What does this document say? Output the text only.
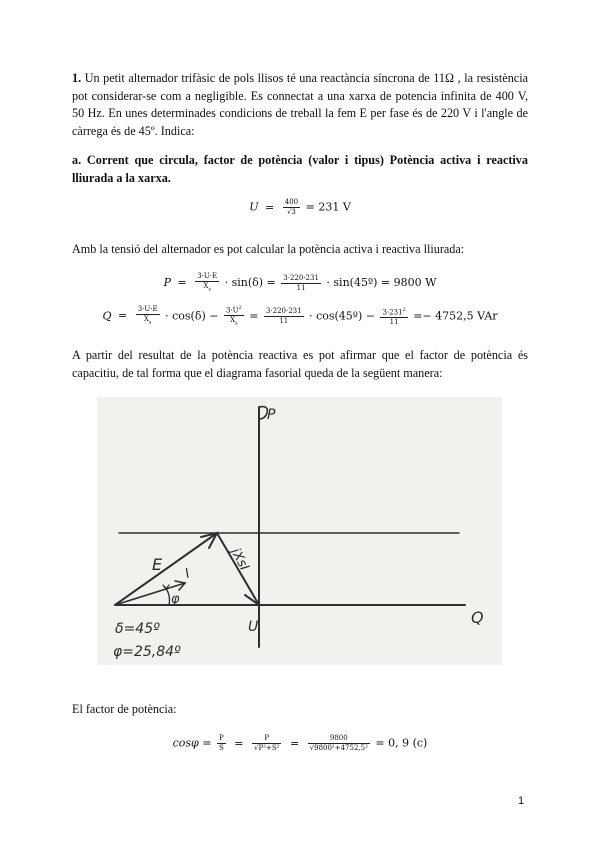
1. Un petit alternador trifàsic de pols llisos té una reactància síncrona de 11Ω , la resistència pot considerar-se com a negligible. Es connectat a una xarxa de potencia infinita de 400 V, 50 Hz. En unes determinades condicions de treball la fem E per fase és de 220 V i l'angle de càrrega és de 45º. Indica:
a. Corrent que circula, factor de potència (valor i tipus) Potència activa i reactiva lliurada a la xarxa.
$U = \frac{400}{√3} = 231$ V
Amb la tensió del alternador es pot calcular la potència activa i reactiva lliurada:
$P = \frac{3\cdot U\cdot E}{X_s} \cdot \sin(\delta) = \frac{3\cdot 220\cdot 231}{11}$ · sin(45º) = 9800 W
$Q = \frac{3\cdot U\cdot E}{X_s} \cdot \cos(\delta) - \frac{3\cdot U^2}{X_s} = \frac{3\cdot 220\cdot 231}{11}$ · cos(45º) − $\frac{3\cdot 231^2}{11} =- 4752,5$ VAr
A partir del resultat de la potència reactiva es pot afirmar que el factor de potència és capacitiu, de tal forma que el diagrama fasorial queda de la següent manera:
P
Q
E
I
jXsI
φ
U
δ=45º
φ=25,84º
El factor de potència:
$\cos\varphi = \frac{P}{S} = \frac{P}{\text{√P²+S²}} = \frac{9800}{\text{√9800²+4752,5²}} = 0$, 9 (c)
1
